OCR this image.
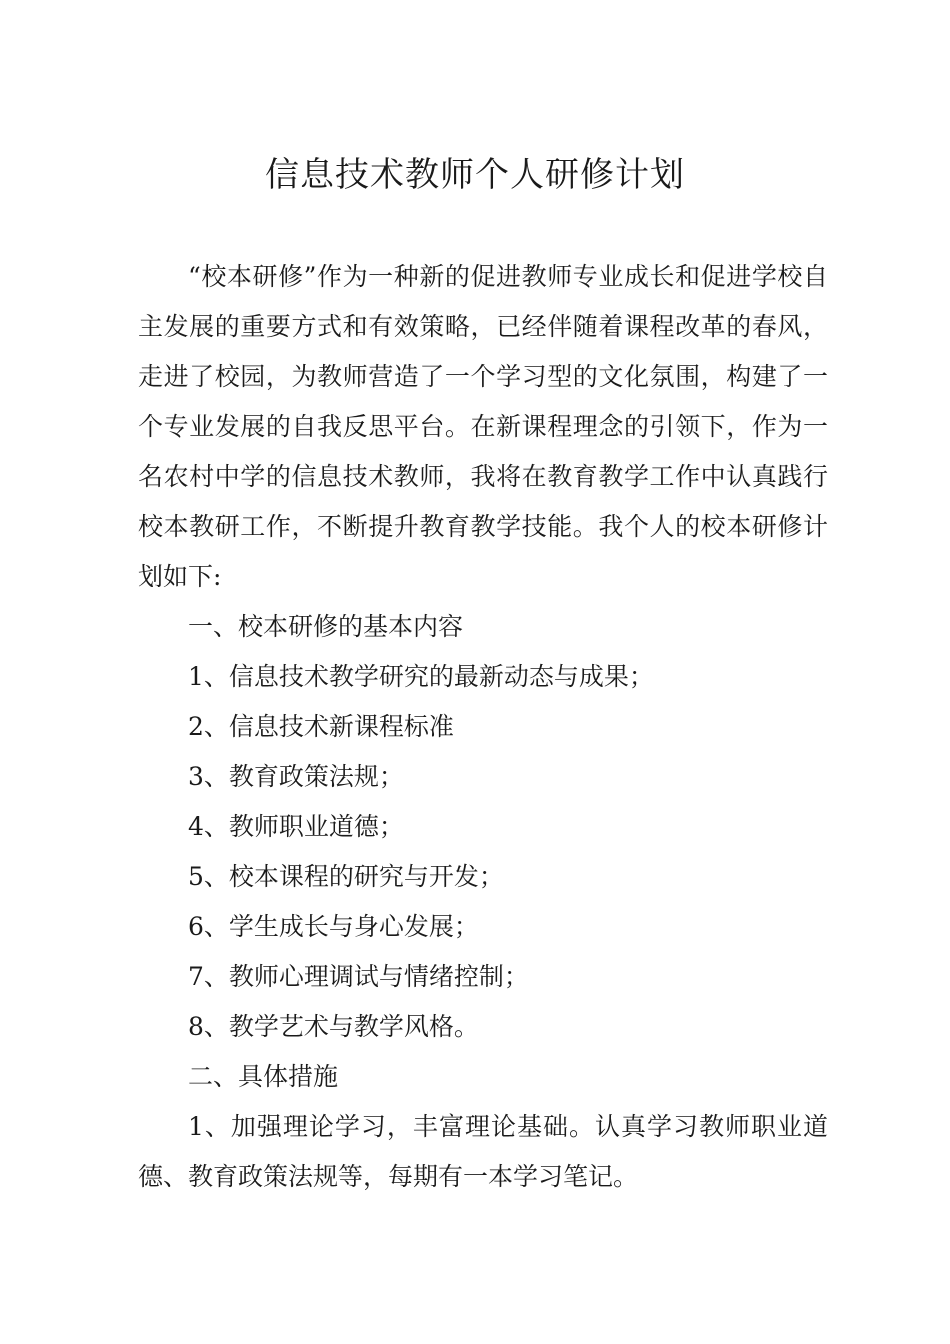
信息技术教师个人研修计划

“校本研修”作为一种新的促进教师专业成长和促进学校自主发展的重要方式和有效策略，已经伴随着课程改革的春风，走进了校园，为教师营造了一个学习型的文化氛围，构建了一个专业发展的自我反思平台。在新课程理念的引领下，作为一名农村中学的信息技术教师，我将在教育教学工作中认真践行校本教研工作，不断提升教育教学技能。我个人的校本研修计划如下:

一、校本研修的基本内容

1、信息技术教学研究的最新动态与成果；

2、信息技术新课程标准

3、教育政策法规；

4、教师职业道德；

5、校本课程的研究与开发；

6、学生成长与身心发展；

7、教师心理调试与情绪控制；

8、教学艺术与教学风格。

二、具体措施

1、加强理论学习，丰富理论基础。认真学习教师职业道德、教育政策法规等，每期有一本学习笔记。
